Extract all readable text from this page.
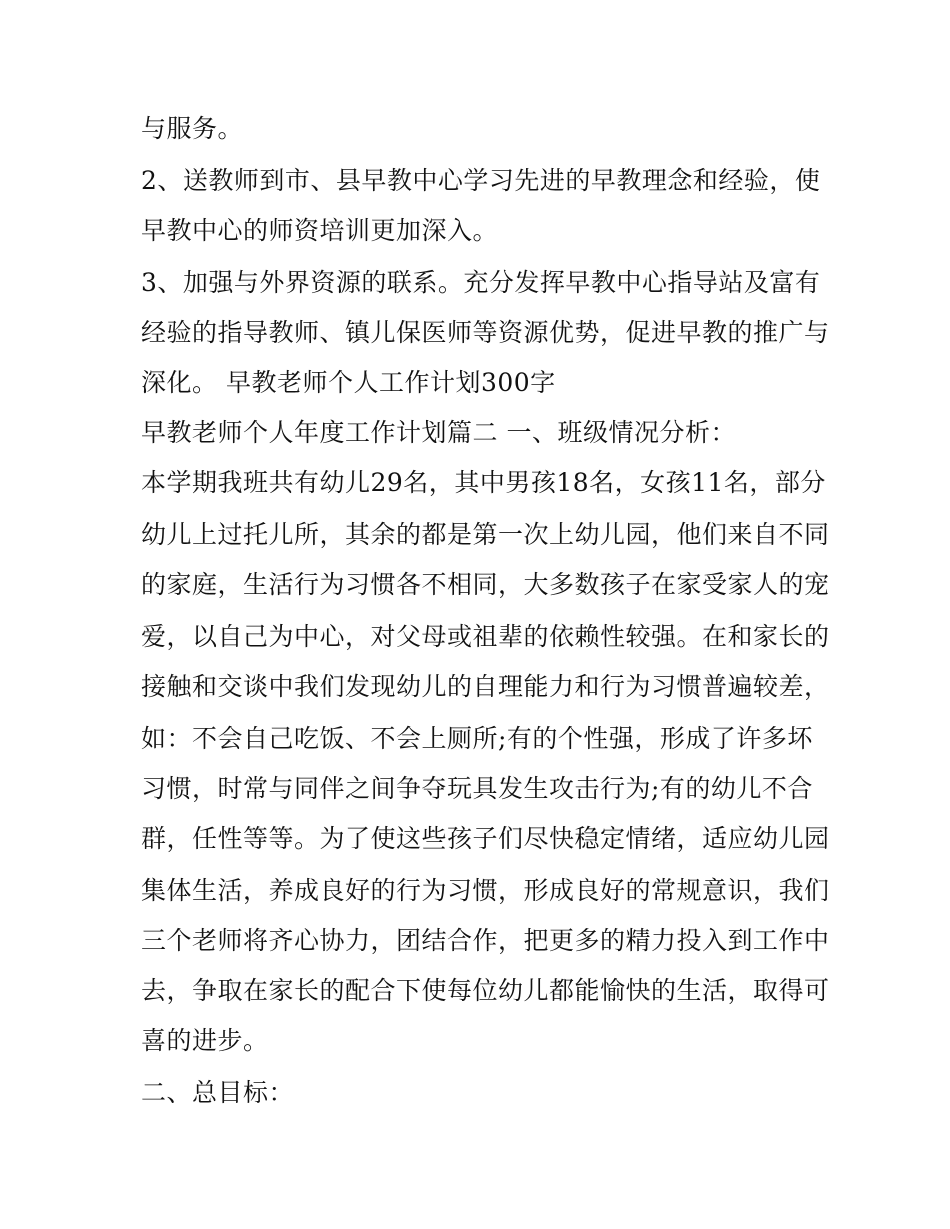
与服务。
2、送教师到市、县早教中心学习先进的早教理念和经验，使
早教中心的师资培训更加深入。
3、加强与外界资源的联系。充分发挥早教中心指导站及富有
经验的指导教师、镇儿保医师等资源优势，促进早教的推广与
深化。 早教老师个人工作计划300字
早教老师个人年度工作计划篇二 一、班级情况分析：
本学期我班共有幼儿29名，其中男孩18名，女孩11名，部分
幼儿上过托儿所，其余的都是第一次上幼儿园，他们来自不同
的家庭，生活行为习惯各不相同，大多数孩子在家受家人的宠
爱，以自己为中心，对父母或祖辈的依赖性较强。在和家长的
接触和交谈中我们发现幼儿的自理能力和行为习惯普遍较差，
如：不会自己吃饭、不会上厕所;有的个性强，形成了许多坏
习惯，时常与同伴之间争夺玩具发生攻击行为;有的幼儿不合
群，任性等等。为了使这些孩子们尽快稳定情绪，适应幼儿园
集体生活，养成良好的行为习惯，形成良好的常规意识，我们
三个老师将齐心协力，团结合作，把更多的精力投入到工作中
去，争取在家长的配合下使每位幼儿都能愉快的生活，取得可
喜的进步。
二、总目标：
